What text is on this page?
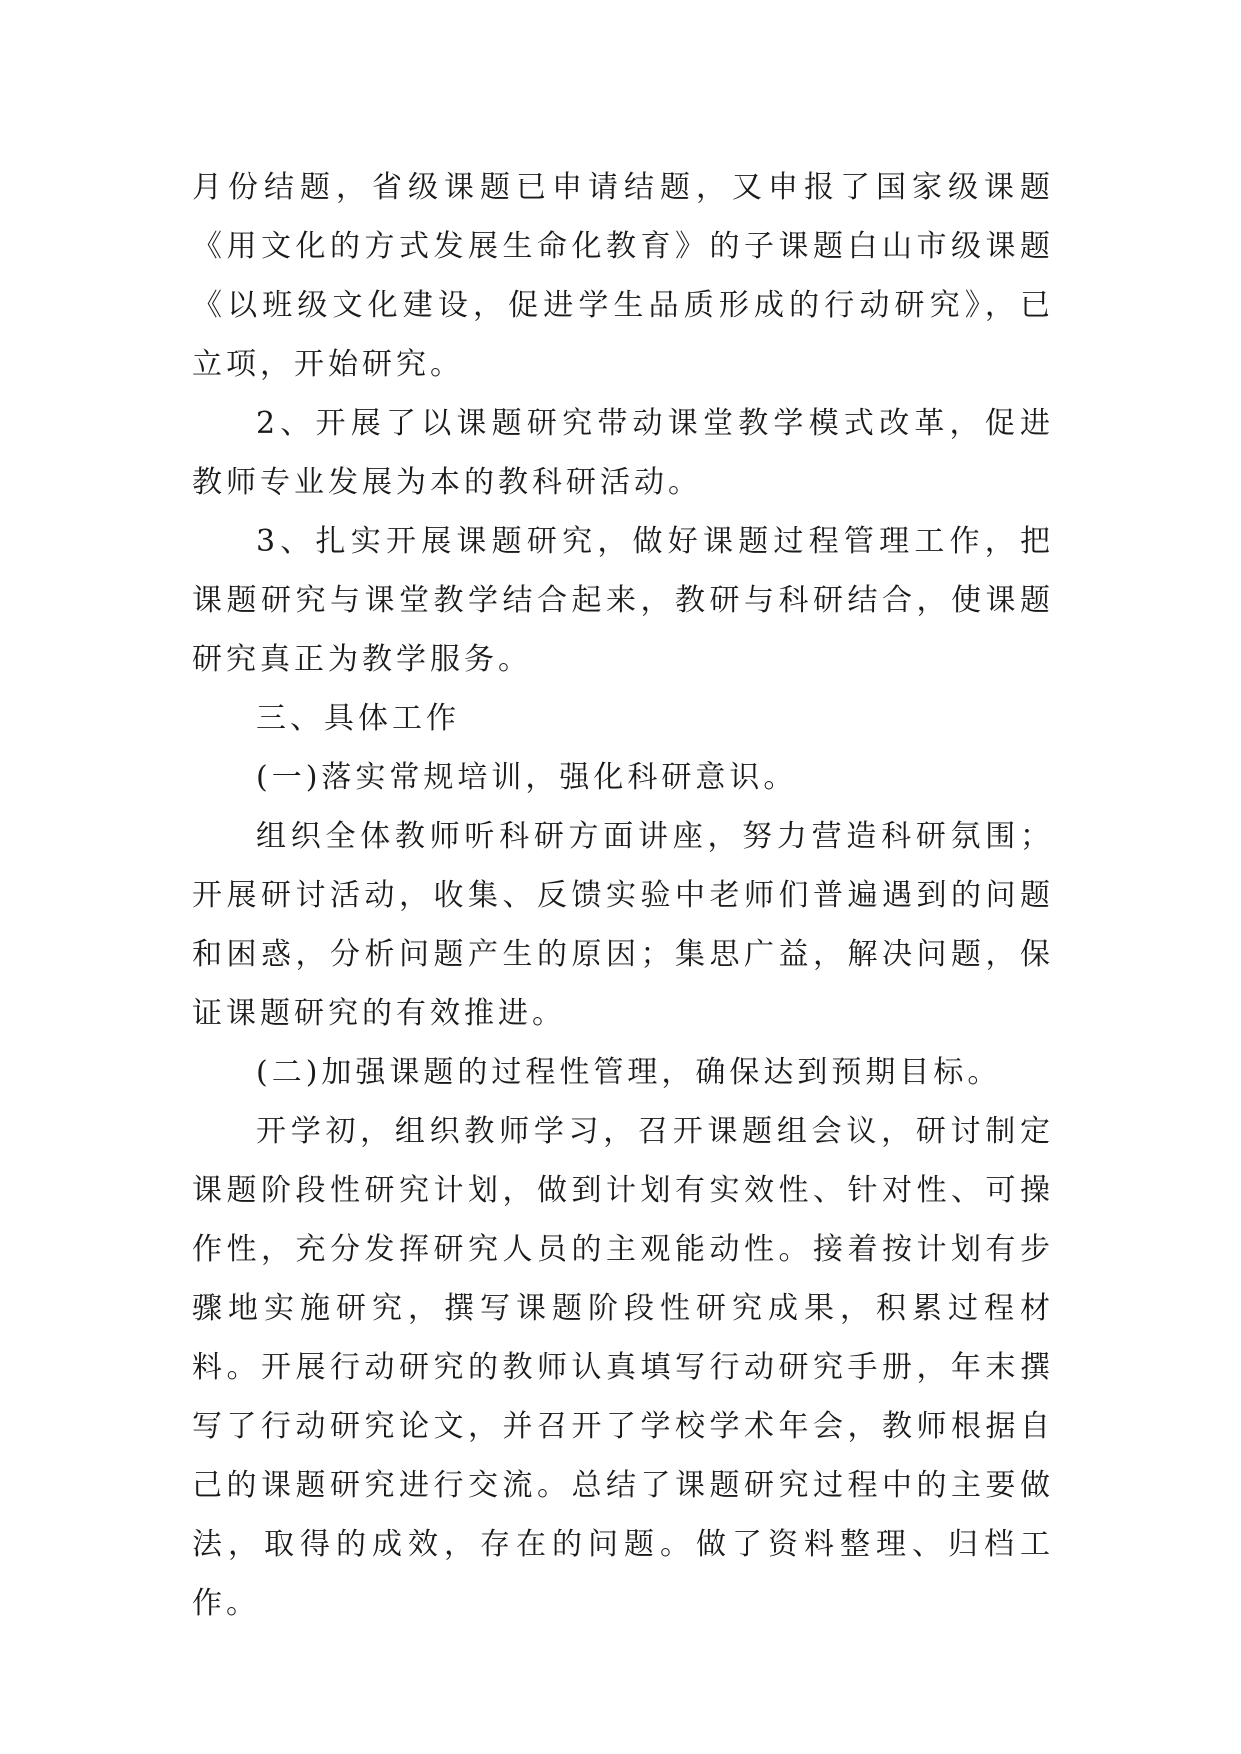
月份结题，省级课题已申请结题，又申报了国家级课题《用文化的方式发展生命化教育》的子课题白山市级课题《以班级文化建设，促进学生品质形成的行动研究》，已立项，开始研究。

2、开展了以课题研究带动课堂教学模式改革，促进教师专业发展为本的教科研活动。

3、扎实开展课题研究，做好课题过程管理工作，把课题研究与课堂教学结合起来，教研与科研结合，使课题研究真正为教学服务。

三、具体工作

(一)落实常规培训，强化科研意识。

组织全体教师听科研方面讲座，努力营造科研氛围；开展研讨活动，收集、反馈实验中老师们普遍遇到的问题和困惑，分析问题产生的原因；集思广益，解决问题，保证课题研究的有效推进。

(二)加强课题的过程性管理，确保达到预期目标。

开学初，组织教师学习，召开课题组会议，研讨制定课题阶段性研究计划，做到计划有实效性、针对性、可操作性，充分发挥研究人员的主观能动性。接着按计划有步骤地实施研究，撰写课题阶段性研究成果，积累过程材料。开展行动研究的教师认真填写行动研究手册，年末撰写了行动研究论文，并召开了学校学术年会，教师根据自己的课题研究进行交流。总结了课题研究过程中的主要做法，取得的成效，存在的问题。做了资料整理、归档工作。
